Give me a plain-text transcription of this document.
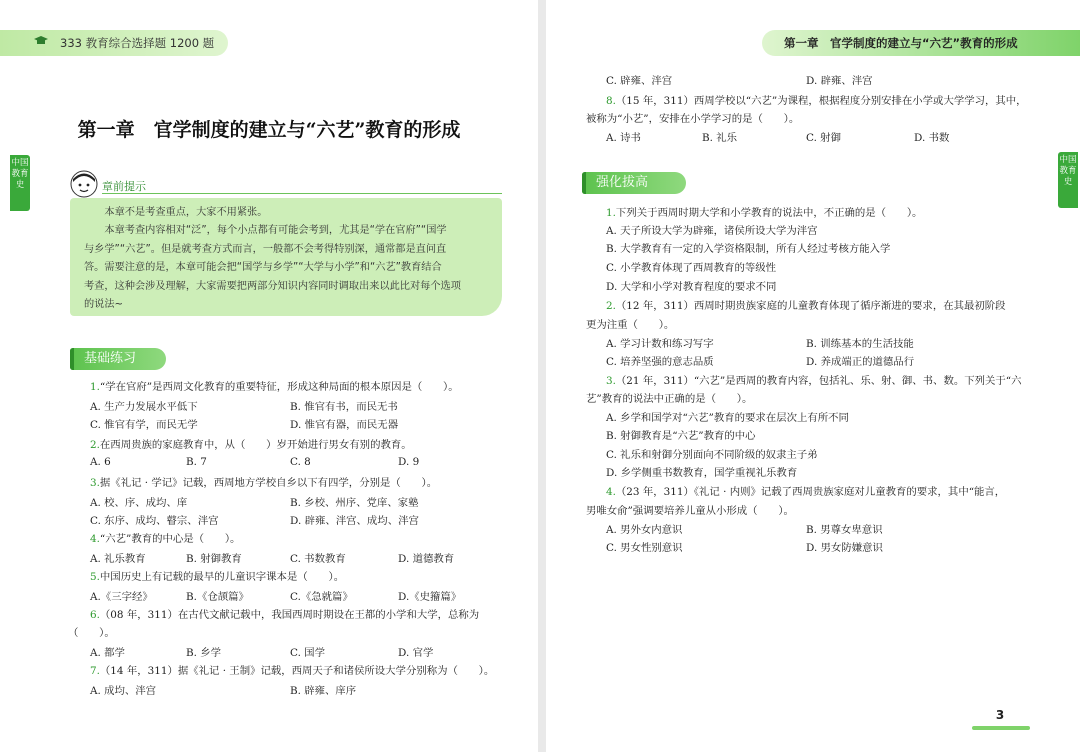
333 教育综合选择题 1200 题
中国教育史
第一章　官学制度的建立与“六艺”教育的形成
章前提示

本章不是考查重点，大家不用紧张。

本章考查内容相对“泛”，每个小点都有可能会考到，尤其是“学在官府”“国学

与乡学”“六艺”。但是就考查方式而言，一般都不会考得特别深，通常都是直问直
答。需要注意的是，本章可能会把“国学与乡学”“大学与小学”和“六艺”教育结合
考查，这种会涉及理解，大家需要把两部分知识内容同时调取出来以此比对每个选项
的说法~
基础练习
1.“学在官府”是西周文化教育的重要特征，形成这种局面的根本原因是（　　）。
A. 生产力发展水平低下	B. 惟官有书，而民无书
C. 惟官有学，而民无学	D. 惟官有器，而民无器
2.在西周贵族的家庭教育中，从（　　）岁开始进行男女有别的教育。
A. 6	B. 7	C. 8	D. 9
3.据《礼记 · 学记》记载，西周地方学校自乡以下有四学，分别是（　　）。
A. 校、序、成均、庠	B. 乡校、州序、党庠、家塾
C. 东序、成均、瞽宗、泮宫	D. 辟雍、泮宫、成均、泮宫
4.“六艺”教育的中心是（　　）。
A. 礼乐教育	B. 射御教育	C. 书数教育	D. 道德教育
5.中国历史上有记载的最早的儿童识字课本是（　　）。
A.《三字经》	B.《仓颉篇》	C.《急就篇》	D.《史籀篇》
6.（08 年，311）在古代文献记载中，我国西周时期设在王都的小学和大学，总称为
（　　）。
A. 都学	B. 乡学	C. 国学	D. 官学
7.（14 年，311）据《礼记 · 王制》记载，西周天子和诸侯所设大学分别称为（　　）。
A. 成均、泮宫	B. 辟雍、庠序
第一章　官学制度的建立与“六艺”教育的形成
中国教育史
C. 辟雍、泮宫	D. 辟雍、泮宫
8.（15 年，311）西周学校以“六艺”为课程，根据程度分别安排在小学或大学学习，其中，
被称为“小艺”，安排在小学学习的是（　　）。
A. 诗书	B. 礼乐	C. 射御	D. 书数
强化拔高
1.下列关于西周时期大学和小学教育的说法中，不正确的是（　　）。
A. 天子所设大学为辟雍，诸侯所设大学为泮宫
B. 大学教育有一定的入学资格限制，所有人经过考核方能入学
C. 小学教育体现了西周教育的等级性
D. 大学和小学对教育程度的要求不同
2.（12 年，311）西周时期贵族家庭的儿童教育体现了循序渐进的要求，在其最初阶段
更为注重（　　）。
A. 学习计数和练习写字	B. 训练基本的生活技能
C. 培养坚强的意志品质	D. 养成端正的道德品行
3.（21 年，311）“六艺”是西周的教育内容，包括礼、乐、射、御、书、数。下列关于“六
艺”教育的说法中正确的是（　　）。
A. 乡学和国学对“六艺”教育的要求在层次上有所不同
B. 射御教育是“六艺”教育的中心
C. 礼乐和射御分别面向不同阶级的奴隶主子弟
D. 乡学侧重书数教育，国学重视礼乐教育
4.（23 年，311）《礼记 · 内则》记载了西周贵族家庭对儿童教育的要求，其中“能言，
男唯女俞”强调要培养儿童从小形成（　　）。
A. 男外女内意识	B. 男尊女卑意识
C. 男女性别意识	D. 男女防嫌意识
3
